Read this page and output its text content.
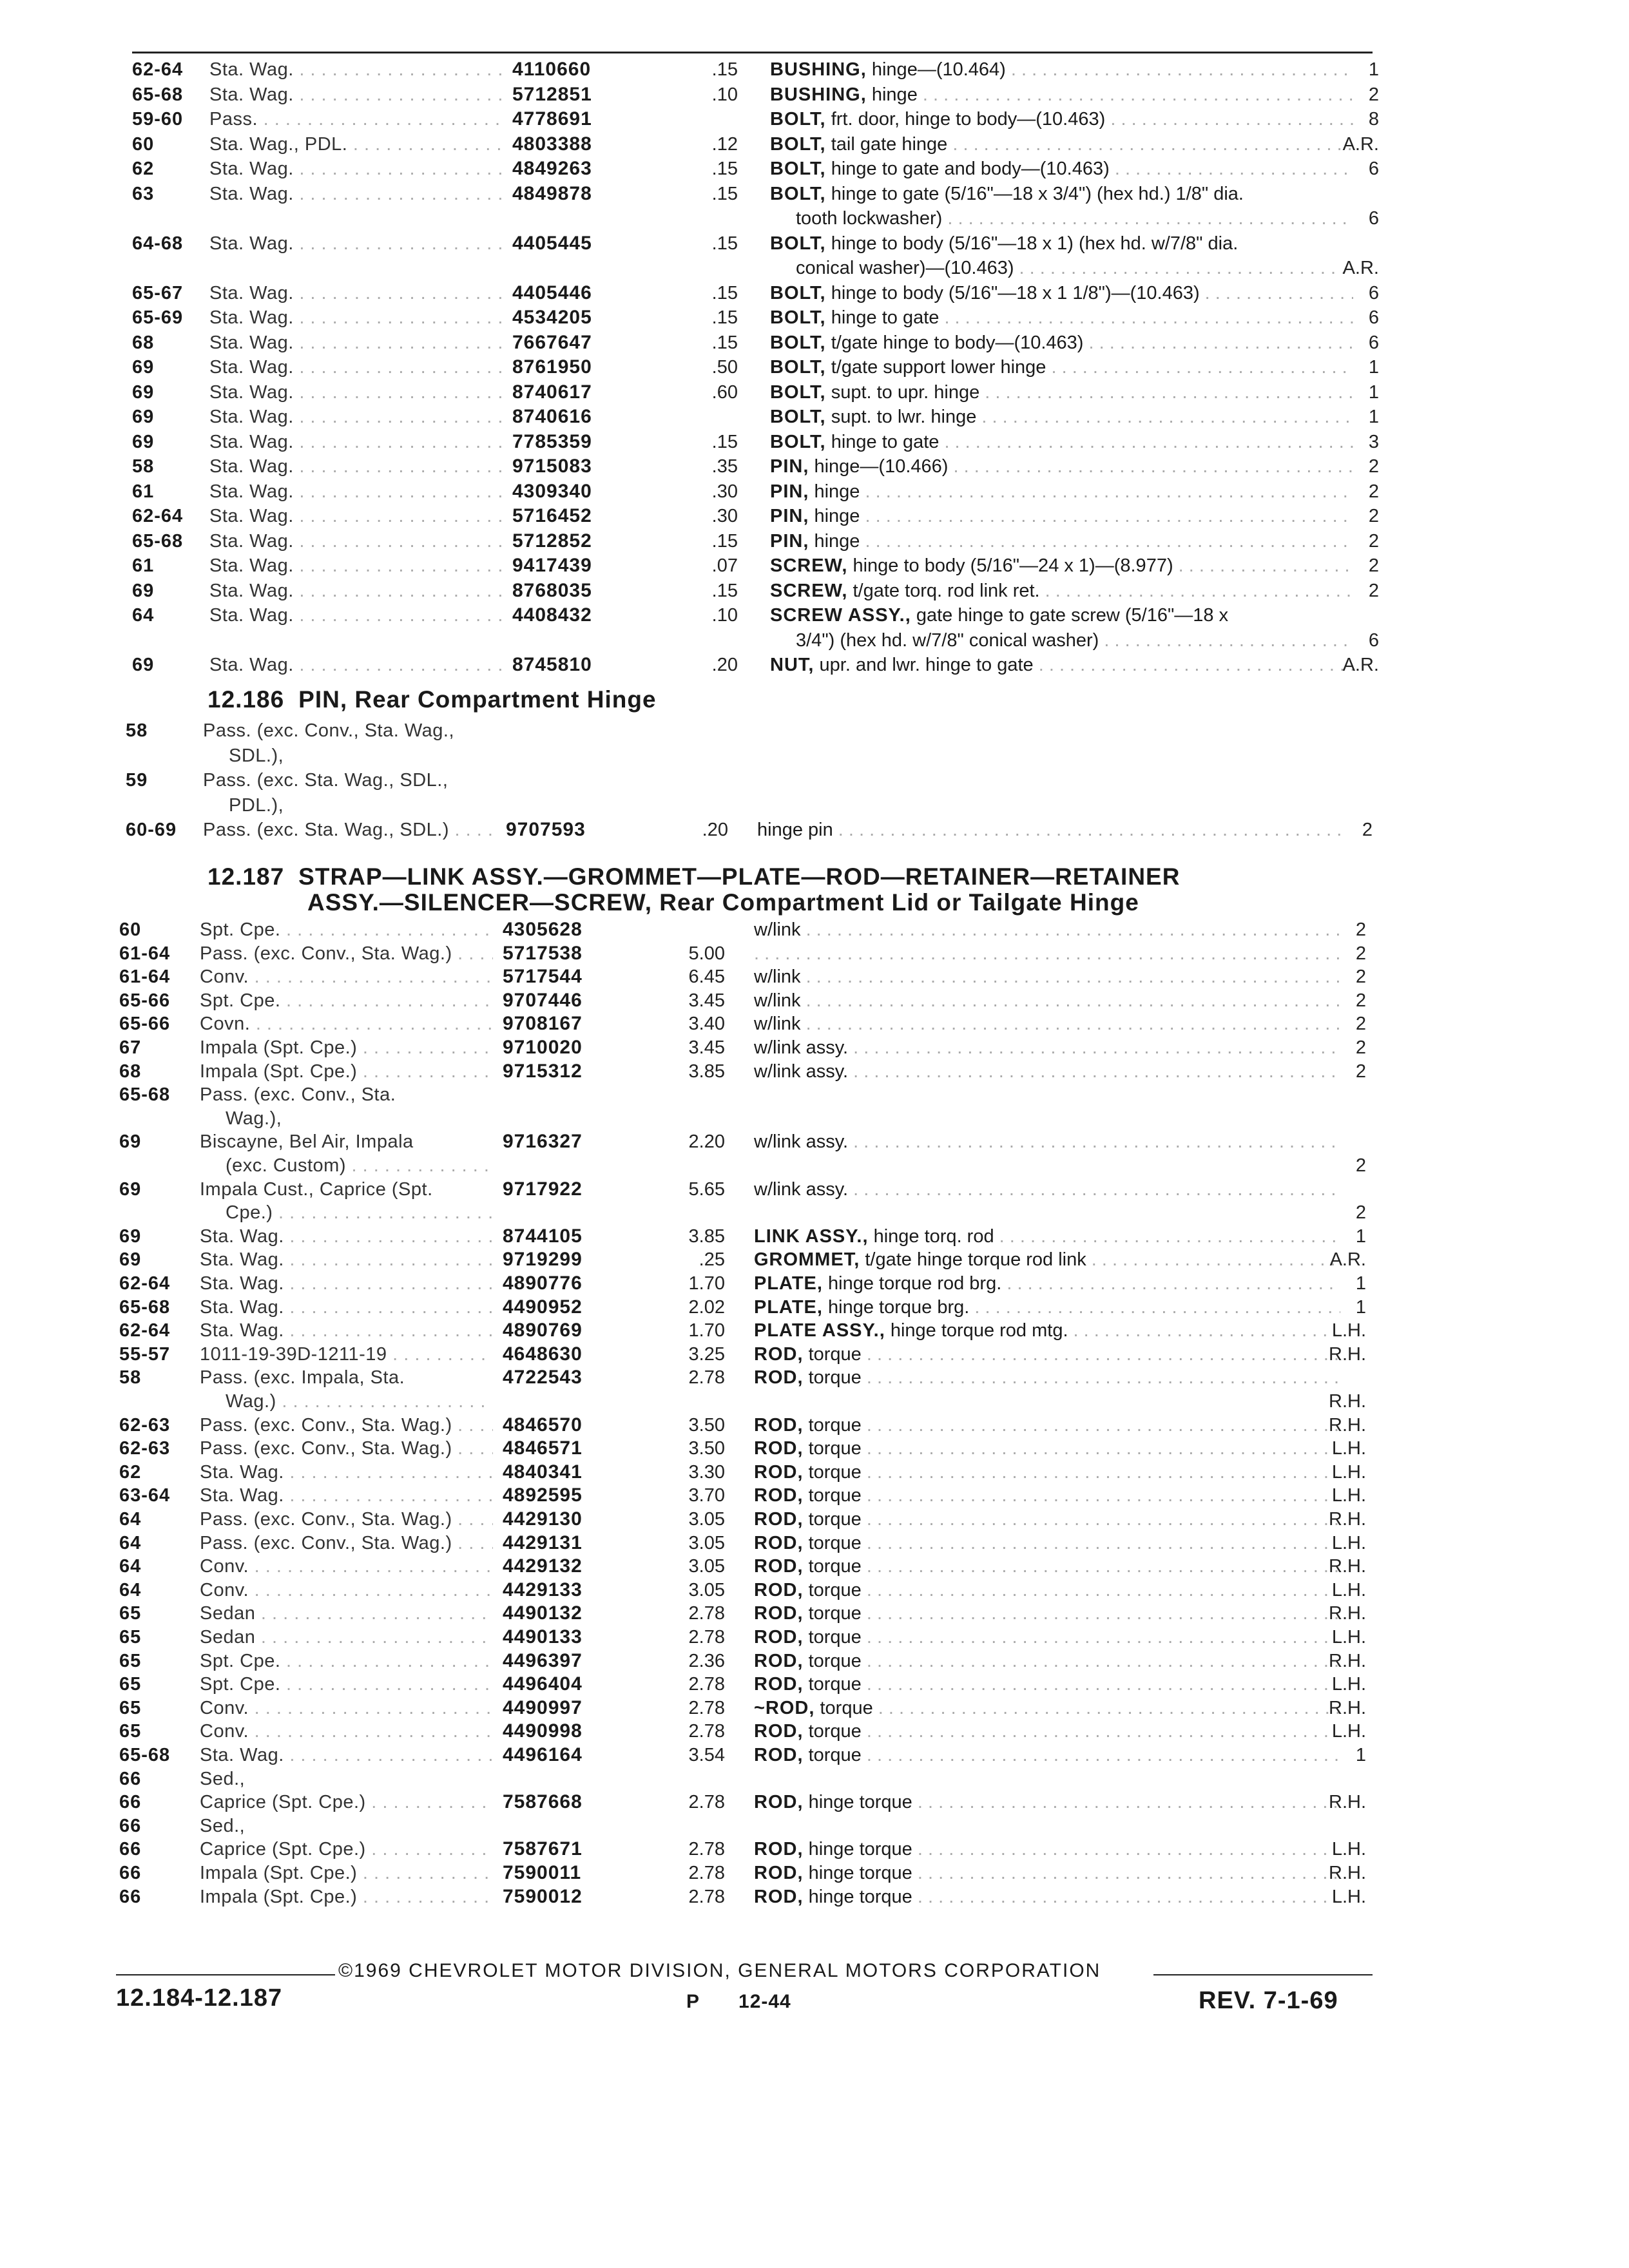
62-64 Sta. Wag. . . .	4110660	.15 BUSHING, hinge—(10.464) . . .	1
65-68 Sta. Wag. . . .	5712851	.10 BUSHING, hinge . . .	2
59-60 Pass. . . .	4778691	BOLT, frt. door, hinge to body—(10.463) . . .	8
60	Sta. Wag., PDL. . . .	4803388	.12 BOLT, tail gate hinge . . .	A.R.
62	Sta. Wag. . . .	4849263	.15 BOLT, hinge to gate and body—(10.463) . . .	6
63	Sta. Wag. . . .	4849878	.15 BOLT, hinge to gate (5/16"—18 x 3/4") (hex hd.) 1/8" dia.
tooth lockwasher) . . .	6
64-68 Sta. Wag. . . .	4405445	.15 BOLT, hinge to body (5/16"—18 x 1) (hex hd. w/7/8" dia.
conical washer)—(10.463) . . .	A.R.
65-67 Sta. Wag. . . .	4405446	.15 BOLT, hinge to body (5/16"—18 x 1 1/8")—(10.463) . . .	6
65-69 Sta. Wag. . . .	4534205	.15 BOLT, hinge to gate . . .	6
68	Sta. Wag. . . .	7667647	.15 BOLT, t/gate hinge to body—(10.463) . . .	6
69	Sta. Wag. . . .	8761950	.50 BOLT, t/gate support lower hinge . . .	1
69	Sta. Wag. . . .	8740617	.60 BOLT, supt. to upr. hinge . . .	1
69	Sta. Wag. . . .	8740616	BOLT, supt. to lwr. hinge . . .	1
69	Sta. Wag. . . .	7785359	.15 BOLT, hinge to gate . . .	3
58	Sta. Wag. . . .	9715083	.35 PIN, hinge—(10.466) . . .	2
61	Sta. Wag. . . .	4309340	.30 PIN, hinge . . .	2
62-64 Sta. Wag. . . .	5716452	.30 PIN, hinge . . .	2
65-68 Sta. Wag. . . .	5712852	.15 PIN, hinge . . .	2
61	Sta. Wag. . . .	9417439	.07 SCREW, hinge to body (5/16"—24 x 1)—(8.977) . . .	2
69	Sta. Wag. . . .	8768035	.15 SCREW, t/gate torq. rod link ret. . . .	2
64	Sta. Wag. . . .	4408432	.10 SCREW ASSY., gate hinge to gate screw (5/16"—18 x
3/4") (hex hd. w/7/8" conical washer) . . .	6
69	Sta. Wag. . . .	8745810	.20 NUT, upr. and lwr. hinge to gate . . .	A.R.
12.186 PIN, Rear Compartment Hinge
58	Pass. (exc. Conv., Sta. Wag.,
SDL.),
59	Pass. (exc. Sta. Wag., SDL.,
PDL.),
60-69 Pass. (exc. Sta. Wag., SDL.) . . .	9707593	.20 hinge pin . . .	2
12.187 STRAP—LINK ASSY.—GROMMET—PLATE—ROD—RETAINER—RETAINER
ASSY.—SILENCER—SCREW, Rear Compartment Lid or Tailgate Hinge
60	Spt. Cpe. . . .	4305628	w/link . . .	2
61-64 Pass. (exc. Conv., Sta. Wag.) . . .	5717538	5.00 . . .	2
61-64 Conv. . . .	5717544	6.45 w/link . . .	2
65-66 Spt. Cpe. . . .	9707446	3.45 w/link . . .	2
65-66 Covn. . . .	9708167	3.40 w/link . . .	2
67	Impala (Spt. Cpe.) . . .	9710020	3.45 w/link assy. . . .	2
68	Impala (Spt. Cpe.) . . .	9715312	3.85 w/link assy. . . .	2
65-68 Pass. (exc. Conv., Sta.
Wag.),
69	Biscayne, Bel Air, Impala	9716327	2.20 w/link assy. . . .
(exc. Custom) . . .	2
69	Impala Cust., Caprice (Spt.	9717922	5.65 w/link assy. . . .
Cpe.) . . .	2
69	Sta. Wag. . . .	8744105	3.85 LINK ASSY., hinge torq. rod . . .	1
69	Sta. Wag. . . .	9719299	.25 GROMMET, t/gate hinge torque rod link . . .	A.R.
62-64 Sta. Wag. . . .	4890776	1.70 PLATE, hinge torque rod brg. . . .	1
65-68 Sta. Wag. . . .	4490952	2.02 PLATE, hinge torque brg. . . .	1
62-64 Sta. Wag. . . .	4890769	1.70 PLATE ASSY., hinge torque rod mtg. . . .	L.H.
55-57 1011-19-39D-1211-19 . . .	4648630	3.25 ROD, torque . . .	R.H.
58	Pass. (exc. Impala, Sta.	4722543	2.78 ROD, torque . . .
Wag.) . . .	R.H.
62-63 Pass. (exc. Conv., Sta. Wag.) . . .	4846570	3.50 ROD, torque . . .	R.H.
62-63 Pass. (exc. Conv., Sta. Wag.) . . .	4846571	3.50 ROD, torque . . .	L.H.
62	Sta. Wag. . . .	4840341	3.30 ROD, torque . . .	L.H.
63-64 Sta. Wag. . . .	4892595	3.70 ROD, torque . . .	L.H.
64	Pass. (exc. Conv., Sta. Wag.) . . .	4429130	3.05 ROD, torque . . .	R.H.
64	Pass. (exc. Conv., Sta. Wag.) . . .	4429131	3.05 ROD, torque . . .	L.H.
64	Conv. . . .	4429132	3.05 ROD, torque . . .	R.H.
64	Conv. . . .	4429133	3.05 ROD, torque . . .	L.H.
65	Sedan . . .	4490132	2.78 ROD, torque . . .	R.H.
65	Sedan . . .	4490133	2.78 ROD, torque . . .	L.H.
65	Spt. Cpe. . . .	4496397	2.36 ROD, torque . . .	R.H.
65	Spt. Cpe. . . .	4496404	2.78 ROD, torque . . .	L.H.
65	Conv. . . .	4490997	2.78 ~ROD, torque . . .	R.H.
65	Conv. . . .	4490998	2.78 ROD, torque . . .	L.H.
65-68 Sta. Wag. . . .	4496164	3.54 ROD, torque . . .	1
66	Sed.,
66	Caprice (Spt. Cpe.) . . .	7587668	2.78 ROD, hinge torque . . .	R.H.
66	Sed.,
66	Caprice (Spt. Cpe.) . . .	7587671	2.78 ROD, hinge torque . . .	L.H.
66	Impala (Spt. Cpe.) . . .	7590011	2.78 ROD, hinge torque . . .	R.H.
66	Impala (Spt. Cpe.) . . .	7590012	2.78 ROD, hinge torque . . .	L.H.
©1969 CHEVROLET MOTOR DIVISION, GENERAL MOTORS CORPORATION
12.184-12.187	P 12-44	REV. 7-1-69
